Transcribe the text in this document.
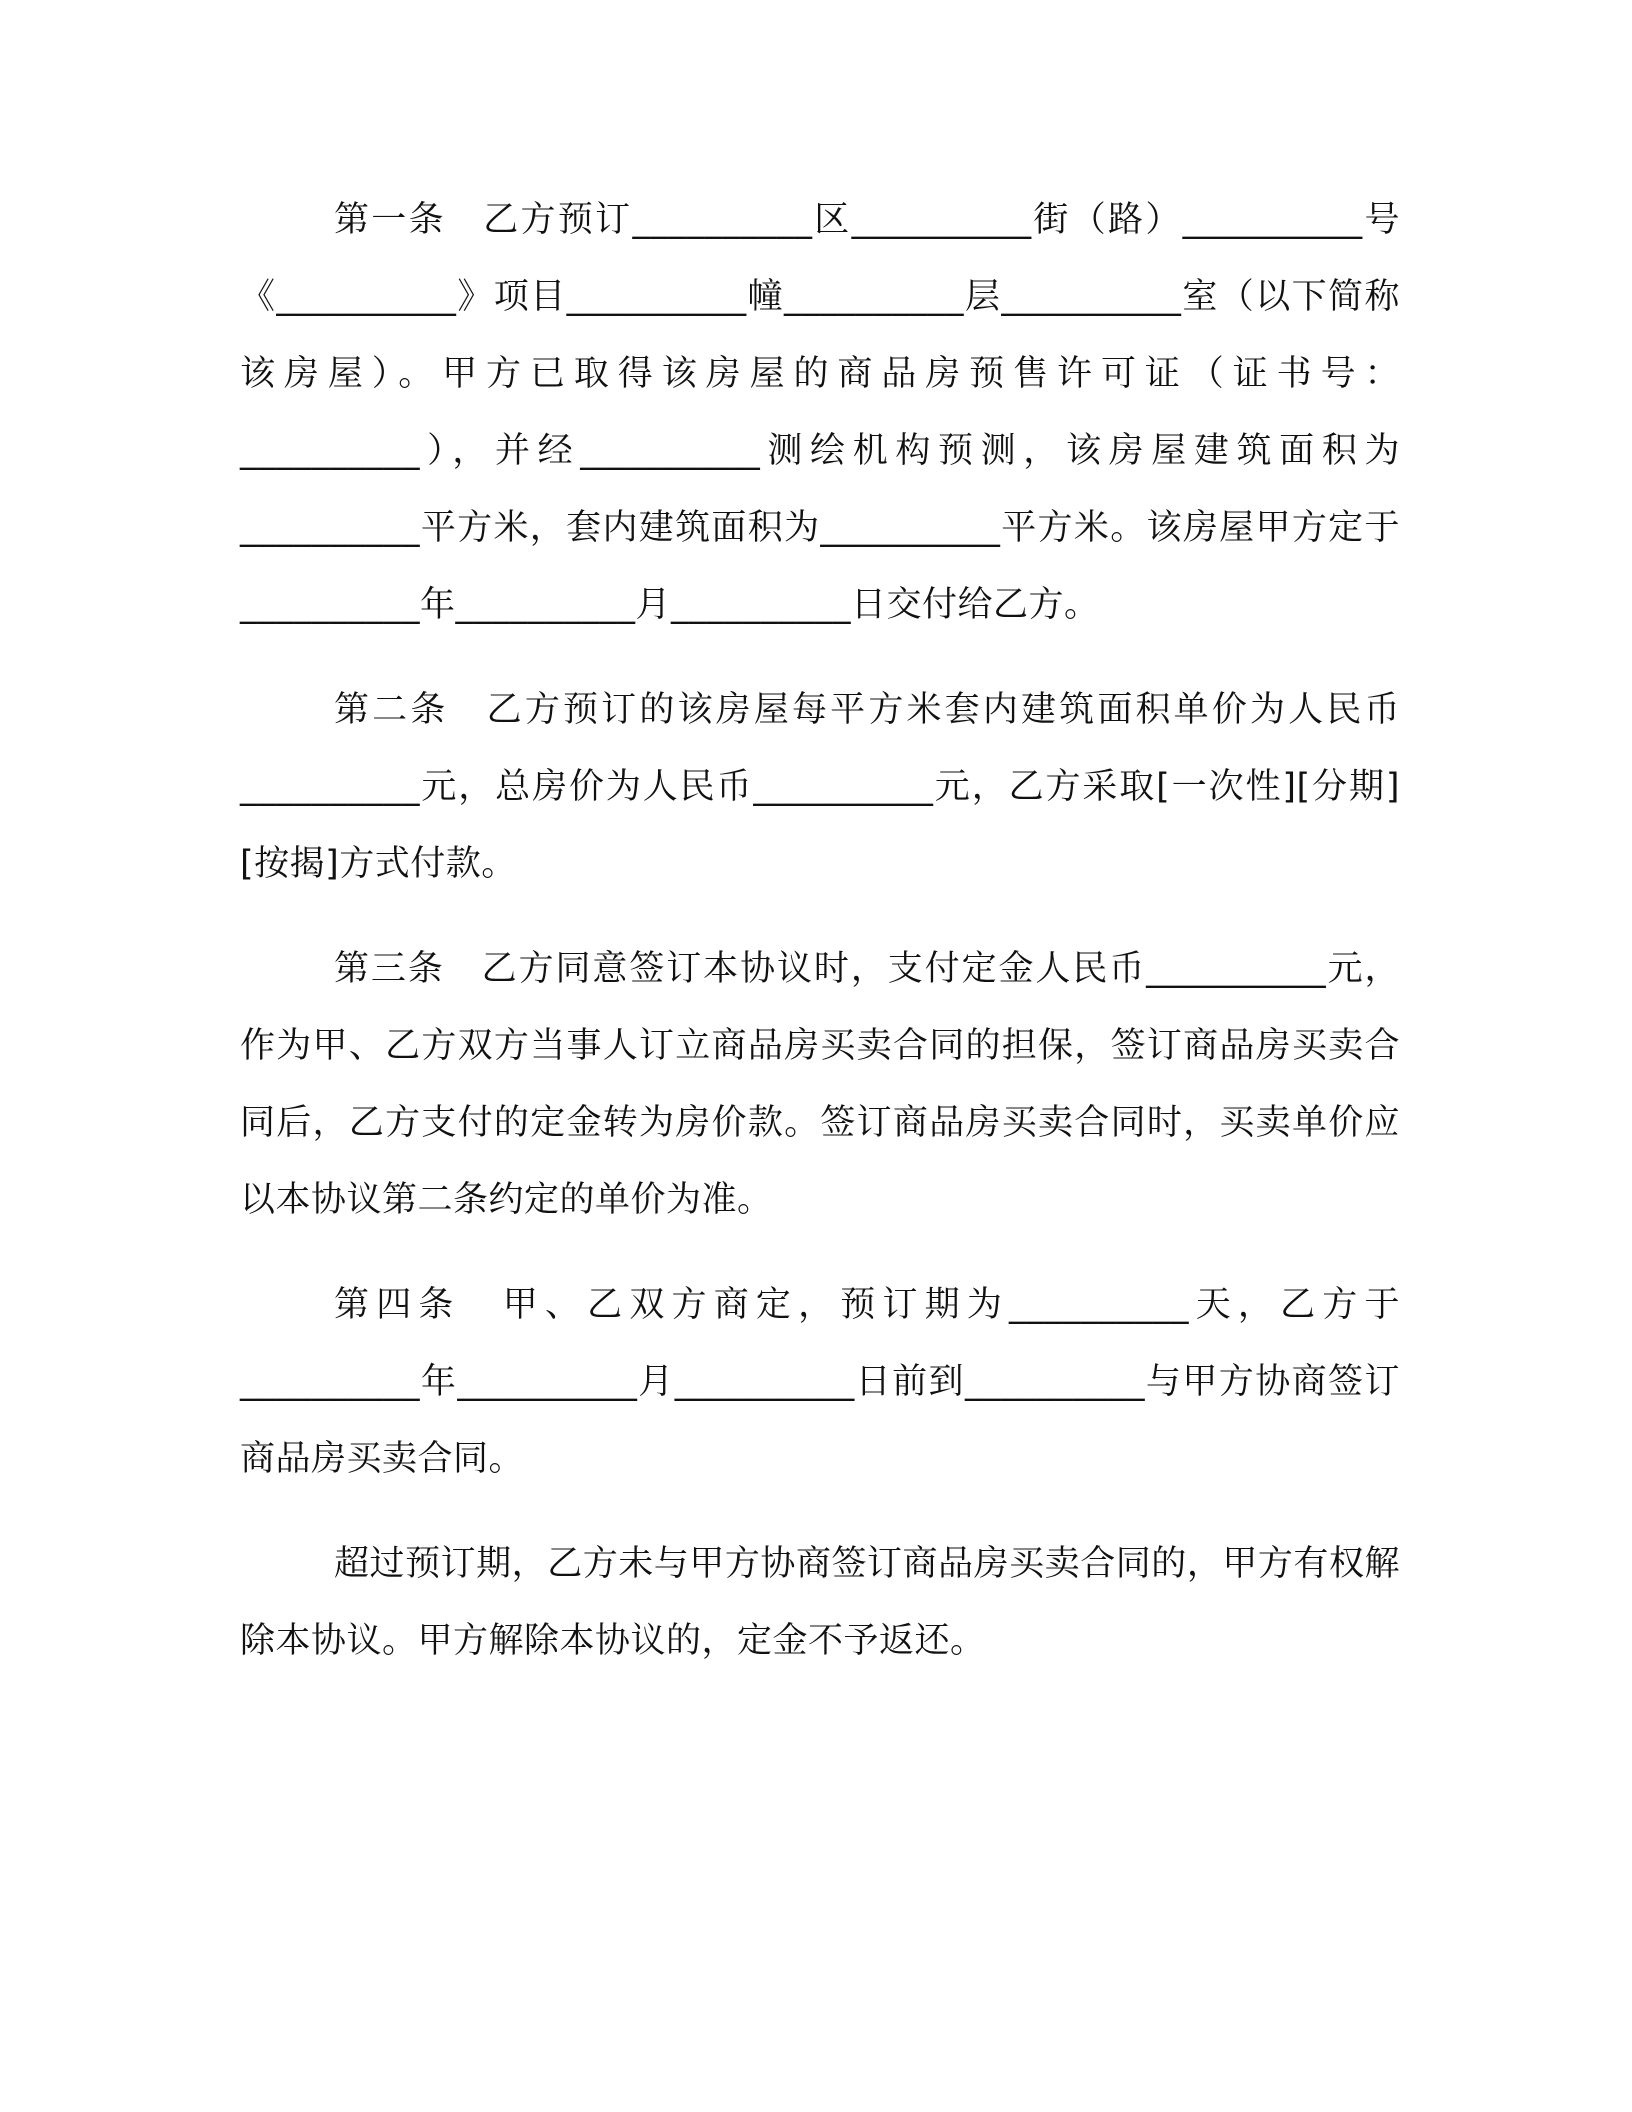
第一条　乙方预订__________区__________街（路）__________号《__________》项目__________幢__________层__________室（以下简称该房屋）。甲方已取得该房屋的商品房预售许可证（证书号：__________），并经__________测绘机构预测，该房屋建筑面积为__________平方米，套内建筑面积为__________平方米。该房屋甲方定于__________年__________月__________日交付给乙方。

第二条　乙方预订的该房屋每平方米套内建筑面积单价为人民币__________元，总房价为人民币__________元，乙方采取[一次性][分期][按揭]方式付款。

第三条　乙方同意签订本协议时，支付定金人民币__________元，作为甲、乙方双方当事人订立商品房买卖合同的担保，签订商品房买卖合同后，乙方支付的定金转为房价款。签订商品房买卖合同时，买卖单价应以本协议第二条约定的单价为准。

第四条　甲、乙双方商定，预订期为__________天，乙方于__________年__________月__________日前到__________与甲方协商签订商品房买卖合同。

超过预订期，乙方未与甲方协商签订商品房买卖合同的，甲方有权解除本协议。甲方解除本协议的，定金不予返还。
